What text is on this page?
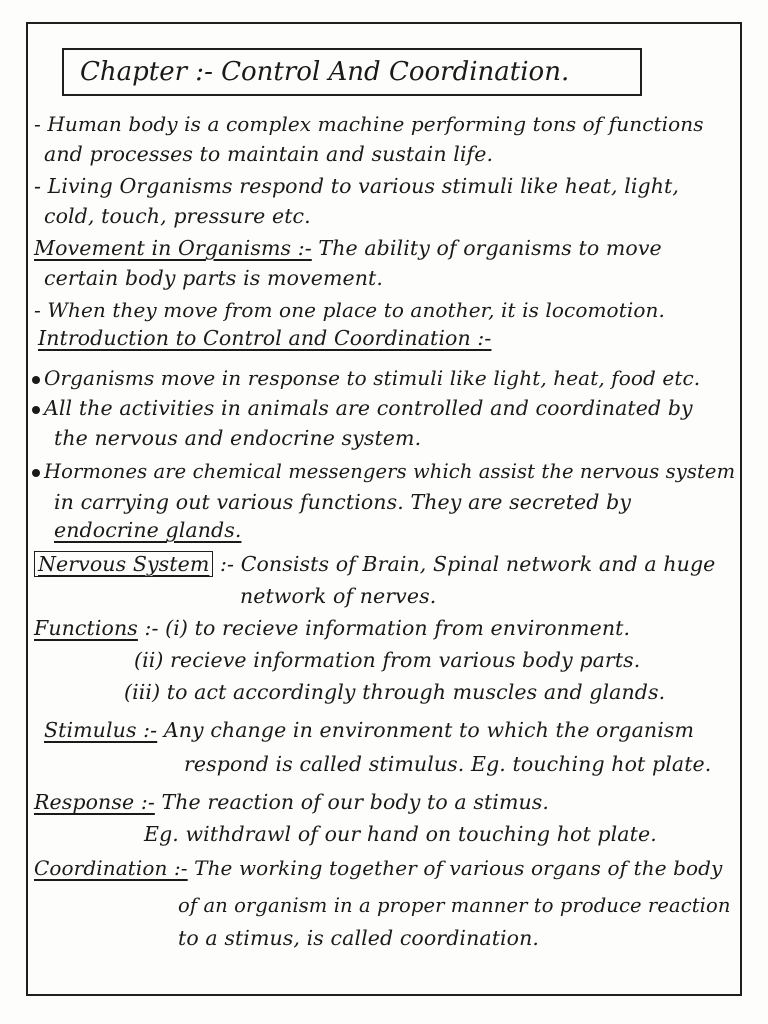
Chapter :- Control And Coordination.
- Human body is a complex machine performing tons of functions
and processes to maintain and sustain life.
- Living Organisms respond to various stimuli like heat, light,
cold, touch, pressure etc.
Movement in Organisms :- The ability of organisms to move
certain body parts is movement.
- When they move from one place to another, it is locomotion.
Introduction to Control and Coordination :-
Organisms move in response to stimuli like light, heat, food etc.
All the activities in animals are controlled and coordinated by
the nervous and endocrine system.
Hormones are chemical messengers which assist the nervous system
in carrying out various functions. They are secreted by
endocrine glands.
Nervous System :- Consists of Brain, Spinal network and a huge
network of nerves.
Functions :- (i) to recieve information from environment.
(ii) recieve information from various body parts.
(iii) to act accordingly through muscles and glands.
Stimulus :- Any change in environment to which the organism
respond is called stimulus. Eg. touching hot plate.
Response :- The reaction of our body to a stimus.
Eg. withdrawl of our hand on touching hot plate.
Coordination :- The working together of various organs of the body
of an organism in a proper manner to produce reaction
to a stimus, is called coordination.
